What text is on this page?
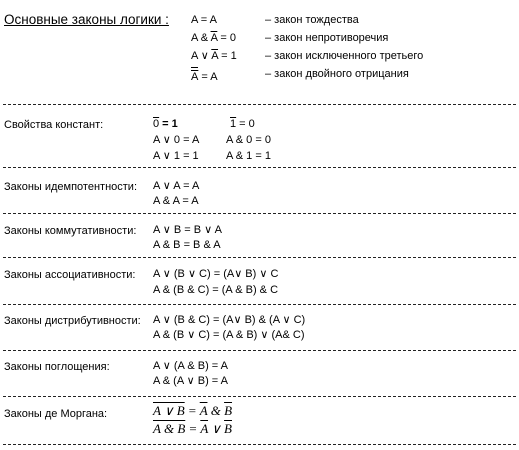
Основные законы логики : A = A	– закон тождества
A & $\overline{A} = 0$	– закон непротиворечия
A ∨ $\overline{A} = 1$	– закон исключенного третьего
$\overline{A} = A$	– закон двойного отрицания
Свойства констант:	0 = 1	1 = 0
A ∨ 0 = A A & 0 = 0
A ∨ 1 = 1 A & 1 = 1
Законы идемпотентности: A ∨ A = A
A & A = A
Законы коммутативности: A ∨ B = B ∨ A
A & B = B & A
Законы ассоциативности: A ∨ (B ∨ C) = (A∨ B) ∨ C
A & (B & C) = (A & B) & C
Законы дистрибутивности: A ∨ (B & C) = (A∨ B) & (A ∨ C)
A & (B ∨ C) = (A & B) ∨ (A& C)
Законы поглощения:	A ∨ (A & B) = A
A & (A ∨ B) = A
Законы де Моргана:	A ∨ $B = \overline{A}$ & $\overline{B}$
A & $B = \overline{A}$ ∨ $\overline{B}$
